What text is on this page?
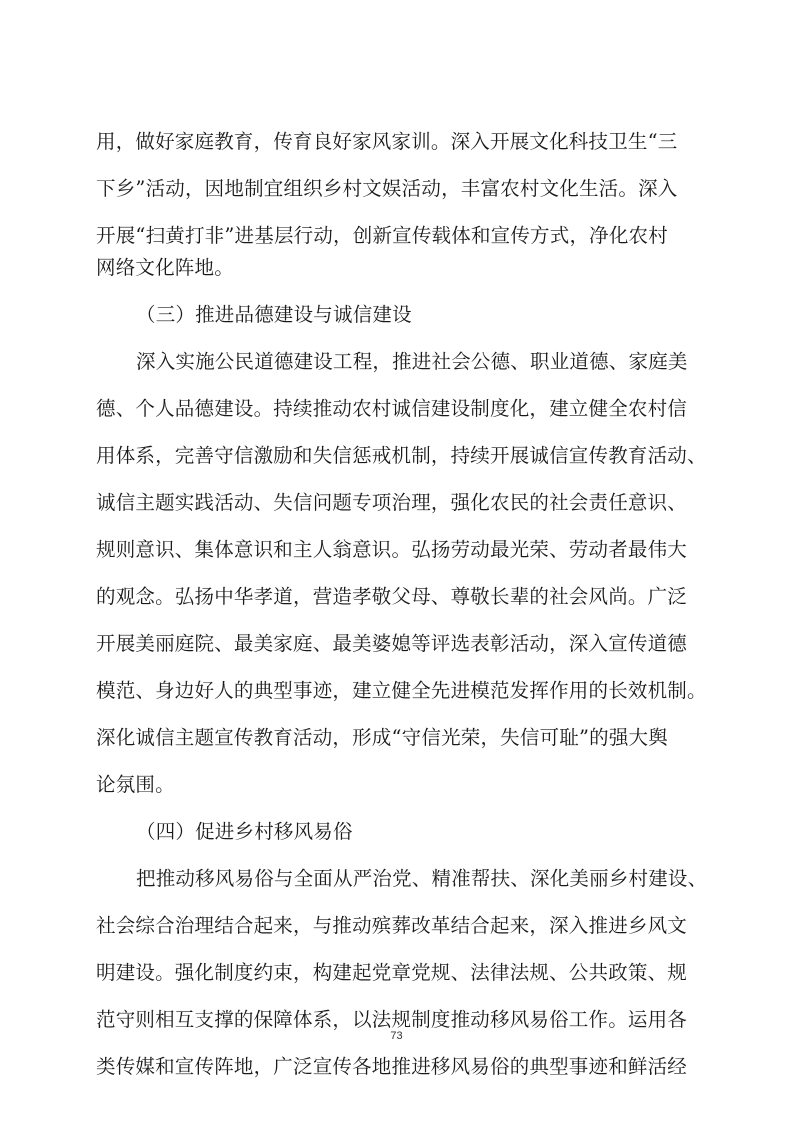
用，做好家庭教育，传育良好家风家训。深入开展文化科技卫生“三
下乡”活动，因地制宜组织乡村文娱活动，丰富农村文化生活。深入
开展“扫黄打非”进基层行动，创新宣传载体和宣传方式，净化农村
网络文化阵地。
（三）推进品德建设与诚信建设
深入实施公民道德建设工程，推进社会公德、职业道德、家庭美
德、个人品德建设。持续推动农村诚信建设制度化，建立健全农村信
用体系，完善守信激励和失信惩戒机制，持续开展诚信宣传教育活动、
诚信主题实践活动、失信问题专项治理，强化农民的社会责任意识、
规则意识、集体意识和主人翁意识。弘扬劳动最光荣、劳动者最伟大
的观念。弘扬中华孝道，营造孝敬父母、尊敬长辈的社会风尚。广泛
开展美丽庭院、最美家庭、最美婆媳等评选表彰活动，深入宣传道德
模范、身边好人的典型事迹，建立健全先进模范发挥作用的长效机制。
深化诚信主题宣传教育活动，形成“守信光荣，失信可耻”的强大舆
论氛围。
（四）促进乡村移风易俗
把推动移风易俗与全面从严治党、精准帮扶、深化美丽乡村建设、
社会综合治理结合起来，与推动殡葬改革结合起来，深入推进乡风文
明建设。强化制度约束，构建起党章党规、法律法规、公共政策、规
范守则相互支撑的保障体系，以法规制度推动移风易俗工作。运用各
类传媒和宣传阵地，广泛宣传各地推进移风易俗的典型事迹和鲜活经
73
